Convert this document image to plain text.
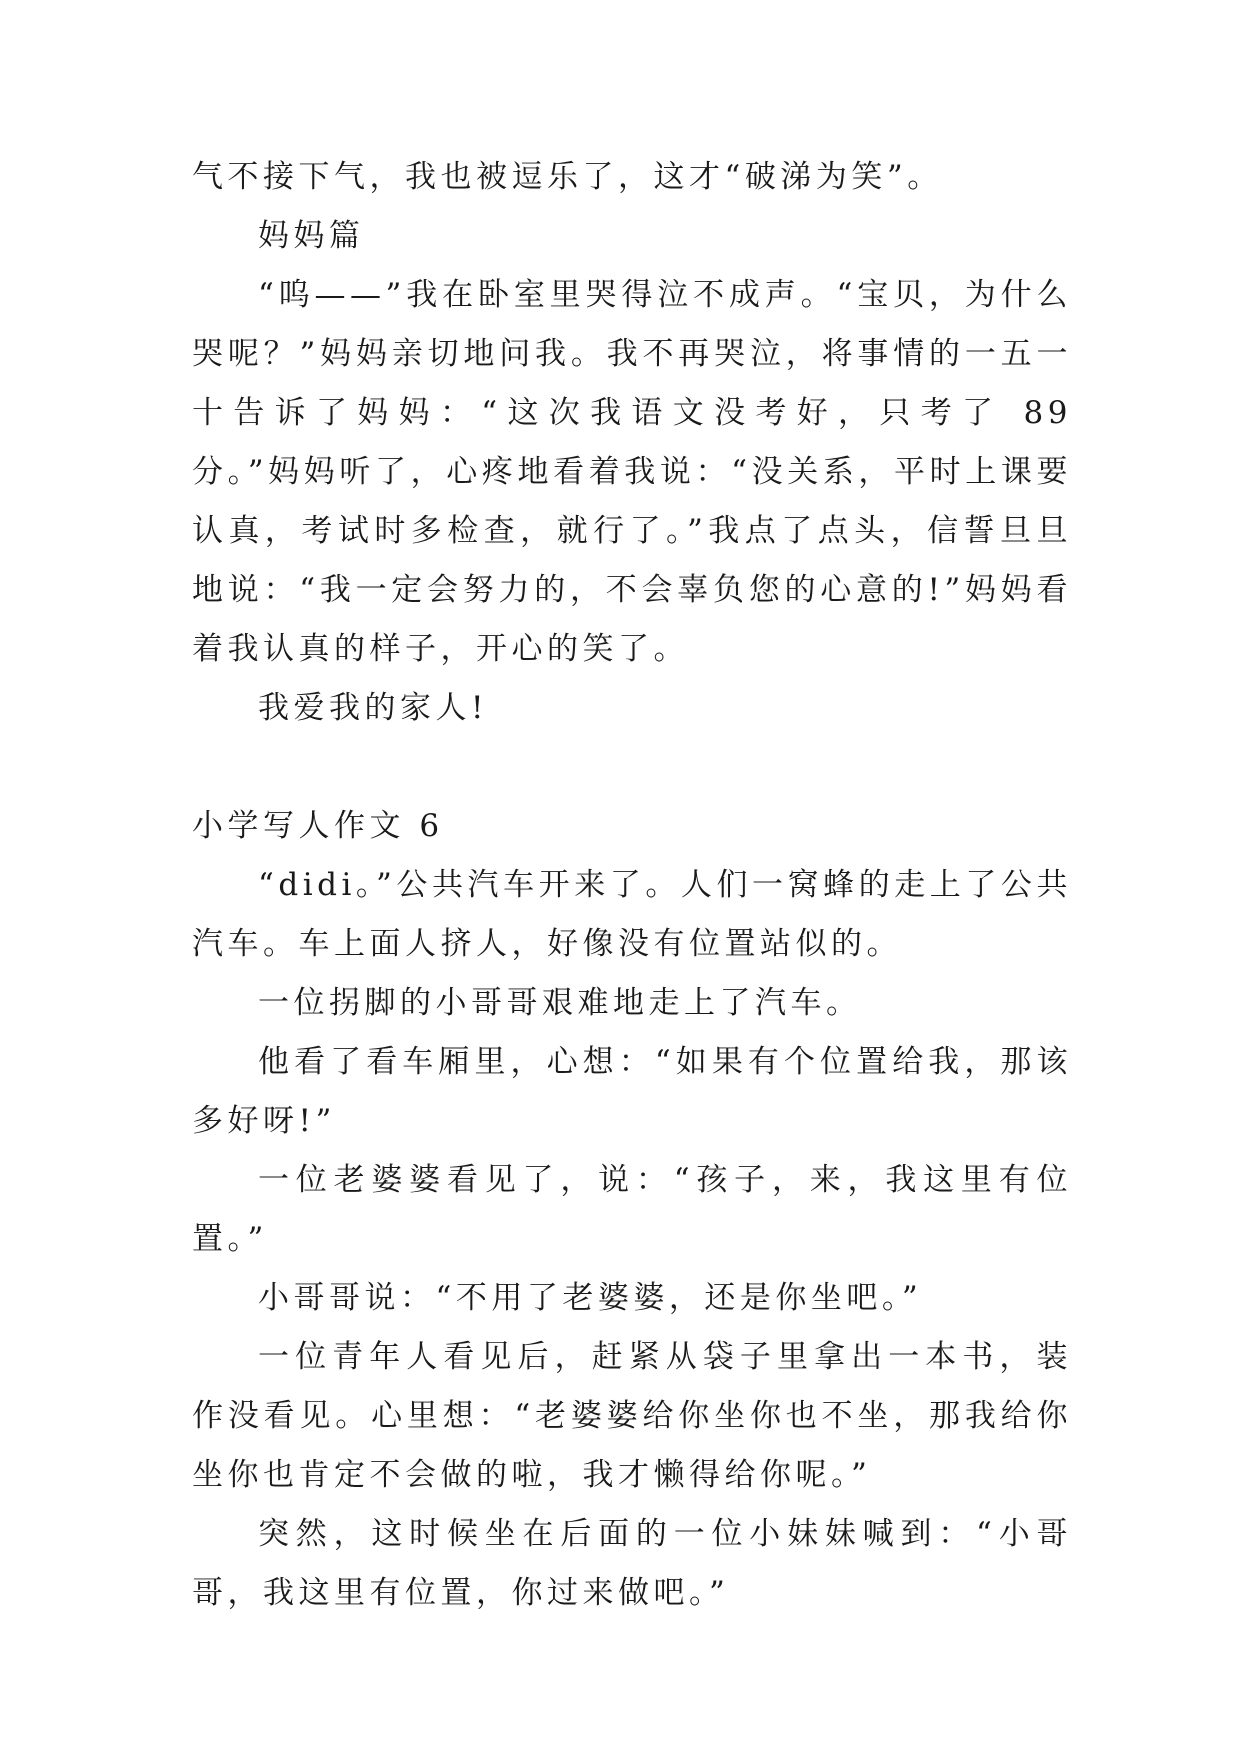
气不接下气，我也被逗乐了，这才“破涕为笑”。

妈妈篇

“呜——”我在卧室里哭得泣不成声。“宝贝，为什么哭呢？”妈妈亲切地问我。我不再哭泣，将事情的一五一十告诉了妈妈：“这次我语文没考好，只考了 89 分。”妈妈听了，心疼地看着我说：“没关系，平时上课要认真，考试时多检查，就行了。”我点了点头，信誓旦旦地说：“我一定会努力的，不会辜负您的心意的!”妈妈看着我认真的样子，开心的笑了。

我爱我的家人!

小学写人作文 6

“didi。”公共汽车开来了。人们一窝蜂的走上了公共汽车。车上面人挤人，好像没有位置站似的。

一位拐脚的小哥哥艰难地走上了汽车。

他看了看车厢里，心想：“如果有个位置给我，那该多好呀!”

一位老婆婆看见了，说：“孩子，来，我这里有位置。”

小哥哥说：“不用了老婆婆，还是你坐吧。”

一位青年人看见后，赶紧从袋子里拿出一本书，装作没看见。心里想：“老婆婆给你坐你也不坐，那我给你坐你也肯定不会做的啦，我才懒得给你呢。”

突然，这时候坐在后面的一位小妹妹喊到：“小哥哥，我这里有位置，你过来做吧。”
